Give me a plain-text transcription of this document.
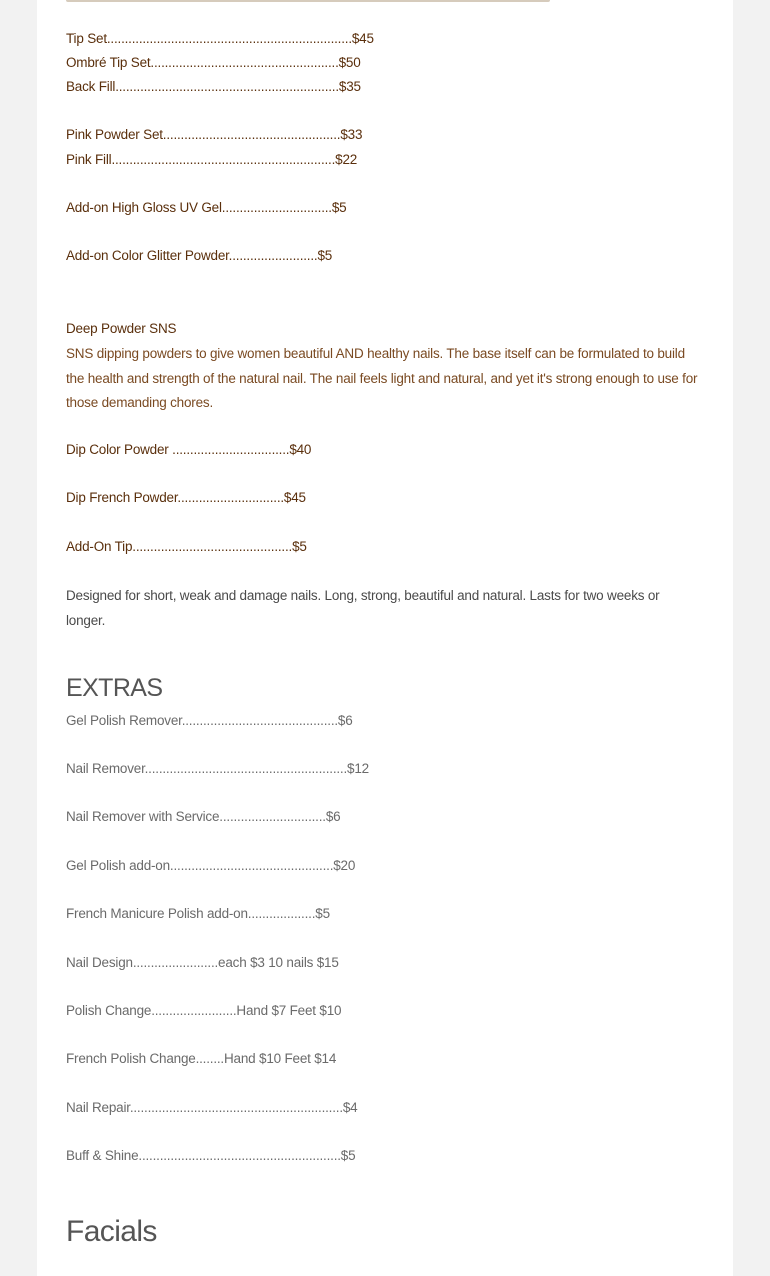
Tip Set.....................................................................$45
Ombré Tip Set.....................................................$50
Back Fill...............................................................$35
Pink Powder Set..................................................$33
Pink Fill...............................................................$22
Add-on High Gloss UV Gel...............................$5
Add-on Color Glitter Powder.........................$5
Deep Powder SNS
SNS dipping powders to give women beautiful AND healthy nails. The base itself can be formulated to build the health and strength of the natural nail. The nail feels light and natural, and yet it's strong enough to use for those demanding chores.
Dip Color Powder .................................$40
Dip French Powder..............................$45
Add-On Tip.............................................$5
Designed for short, weak and damage nails. Long, strong, beautiful and natural. Lasts for two weeks or longer.
EXTRAS
Gel Polish Remover............................................$6
Nail Remover.........................................................$12
Nail Remover with Service..............................$6
Gel Polish add-on..............................................$20
French Manicure Polish add-on...................$5
Nail Design........................each $3 10 nails $15
Polish Change........................Hand $7 Feet $10
French Polish Change........Hand $10 Feet $14
Nail Repair............................................................$4
Buff & Shine.........................................................$5
Facials
